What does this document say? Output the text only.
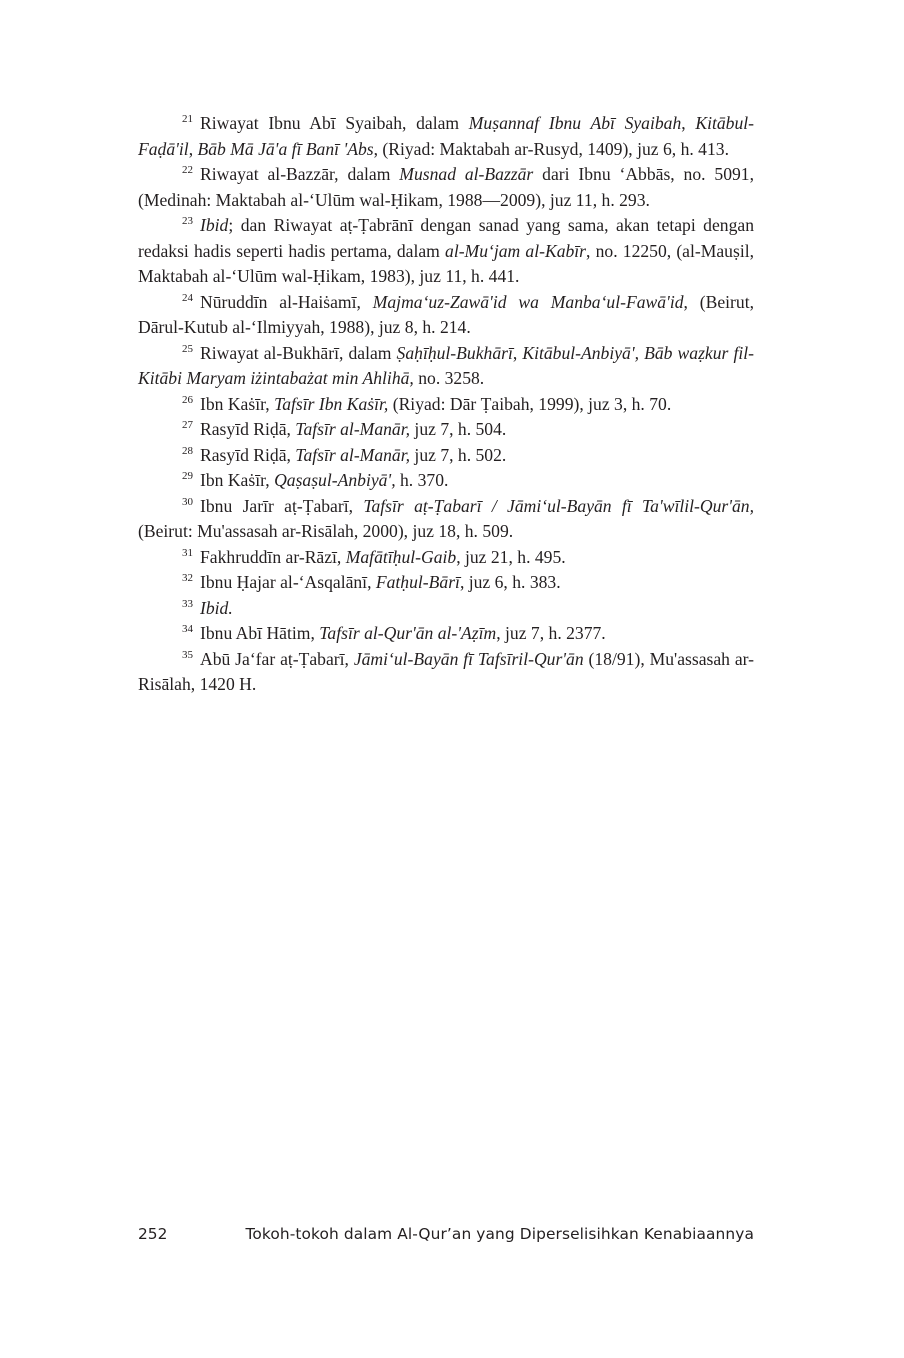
$^{21}$ Riwayat Ibnu Abī Syaibah, dalam Muṣannaf Ibnu Abī Syaibah, Kitābul-Faḍā'il, Bāb Mā Jā'a fī Banī 'Abs, (Riyad: Maktabah ar-Rusyd, 1409), juz 6, h. 413.

$^{22}$ Riwayat al-Bazzār, dalam Musnad al-Bazzār dari Ibnu ‘Abbās, no. 5091, (Medinah: Maktabah al-‘Ulūm wal-Ḥikam, 1988—2009), juz 11, h. 293.

$^{23}$ Ibid; dan Riwayat aṭ-Ṭabrānī dengan sanad yang sama, akan tetapi dengan redaksi hadis seperti hadis pertama, dalam al-Mu‘jam al-Kabīr, no. 12250, (al-Mauṣil, Maktabah al-‘Ulūm wal-Ḥikam, 1983), juz 11, h. 441.

$^{24}$ Nūruddīn al-Haiṡamī, Majma‘uz-Zawā'id wa Manba‘ul-Fawā'id, (Beirut, Dārul-Kutub al-‘Ilmiyyah, 1988), juz 8, h. 214.

$^{25}$ Riwayat al-Bukhārī, dalam Ṣaḥīḥul-Bukhārī, Kitābul-Anbiyā', Bāb waẓkur fil-Kitābi Maryam iżintabażat min Ahlihā, no. 3258.

$^{26}$ Ibn Kaṡīr, Tafsīr Ibn Kaṡīr, (Riyad: Dār Ṭaibah, 1999), juz 3, h. 70.

$^{27}$ Rasyīd Riḍā, Tafsīr al-Manār, juz 7, h. 504.

$^{28}$ Rasyīd Riḍā, Tafsīr al-Manār, juz 7, h. 502.

$^{29}$ Ibn Kaṡīr, Qaṣaṣul-Anbiyā', h. 370.

$^{30}$ Ibnu Jarīr aṭ-Ṭabarī, Tafsīr aṭ-Ṭabarī / Jāmi‘ul-Bayān fī Ta'wīlil-Qur'ān, (Beirut: Mu'assasah ar-Risālah, 2000), juz 18, h. 509.

$^{31}$ Fakhruddīn ar-Rāzī, Mafātīḥul-Gaib, juz 21, h. 495.

$^{32}$ Ibnu Ḥajar al-‘Asqalānī, Fatḥul-Bārī, juz 6, h. 383.

$^{33}$ Ibid.

$^{34}$ Ibnu Abī Hātim, Tafsīr al-Qur'ān al-'Aẓīm, juz 7, h. 2377.

$^{35}$ Abū Ja‘far aṭ-Ṭabarī, Jāmi‘ul-Bayān fī Tafsīril-Qur'ān (18/91), Mu'assasah ar-Risālah, 1420 H.

252	Tokoh-tokoh dalam Al-Qur’an yang Diperselisihkan Kenabiaannya
